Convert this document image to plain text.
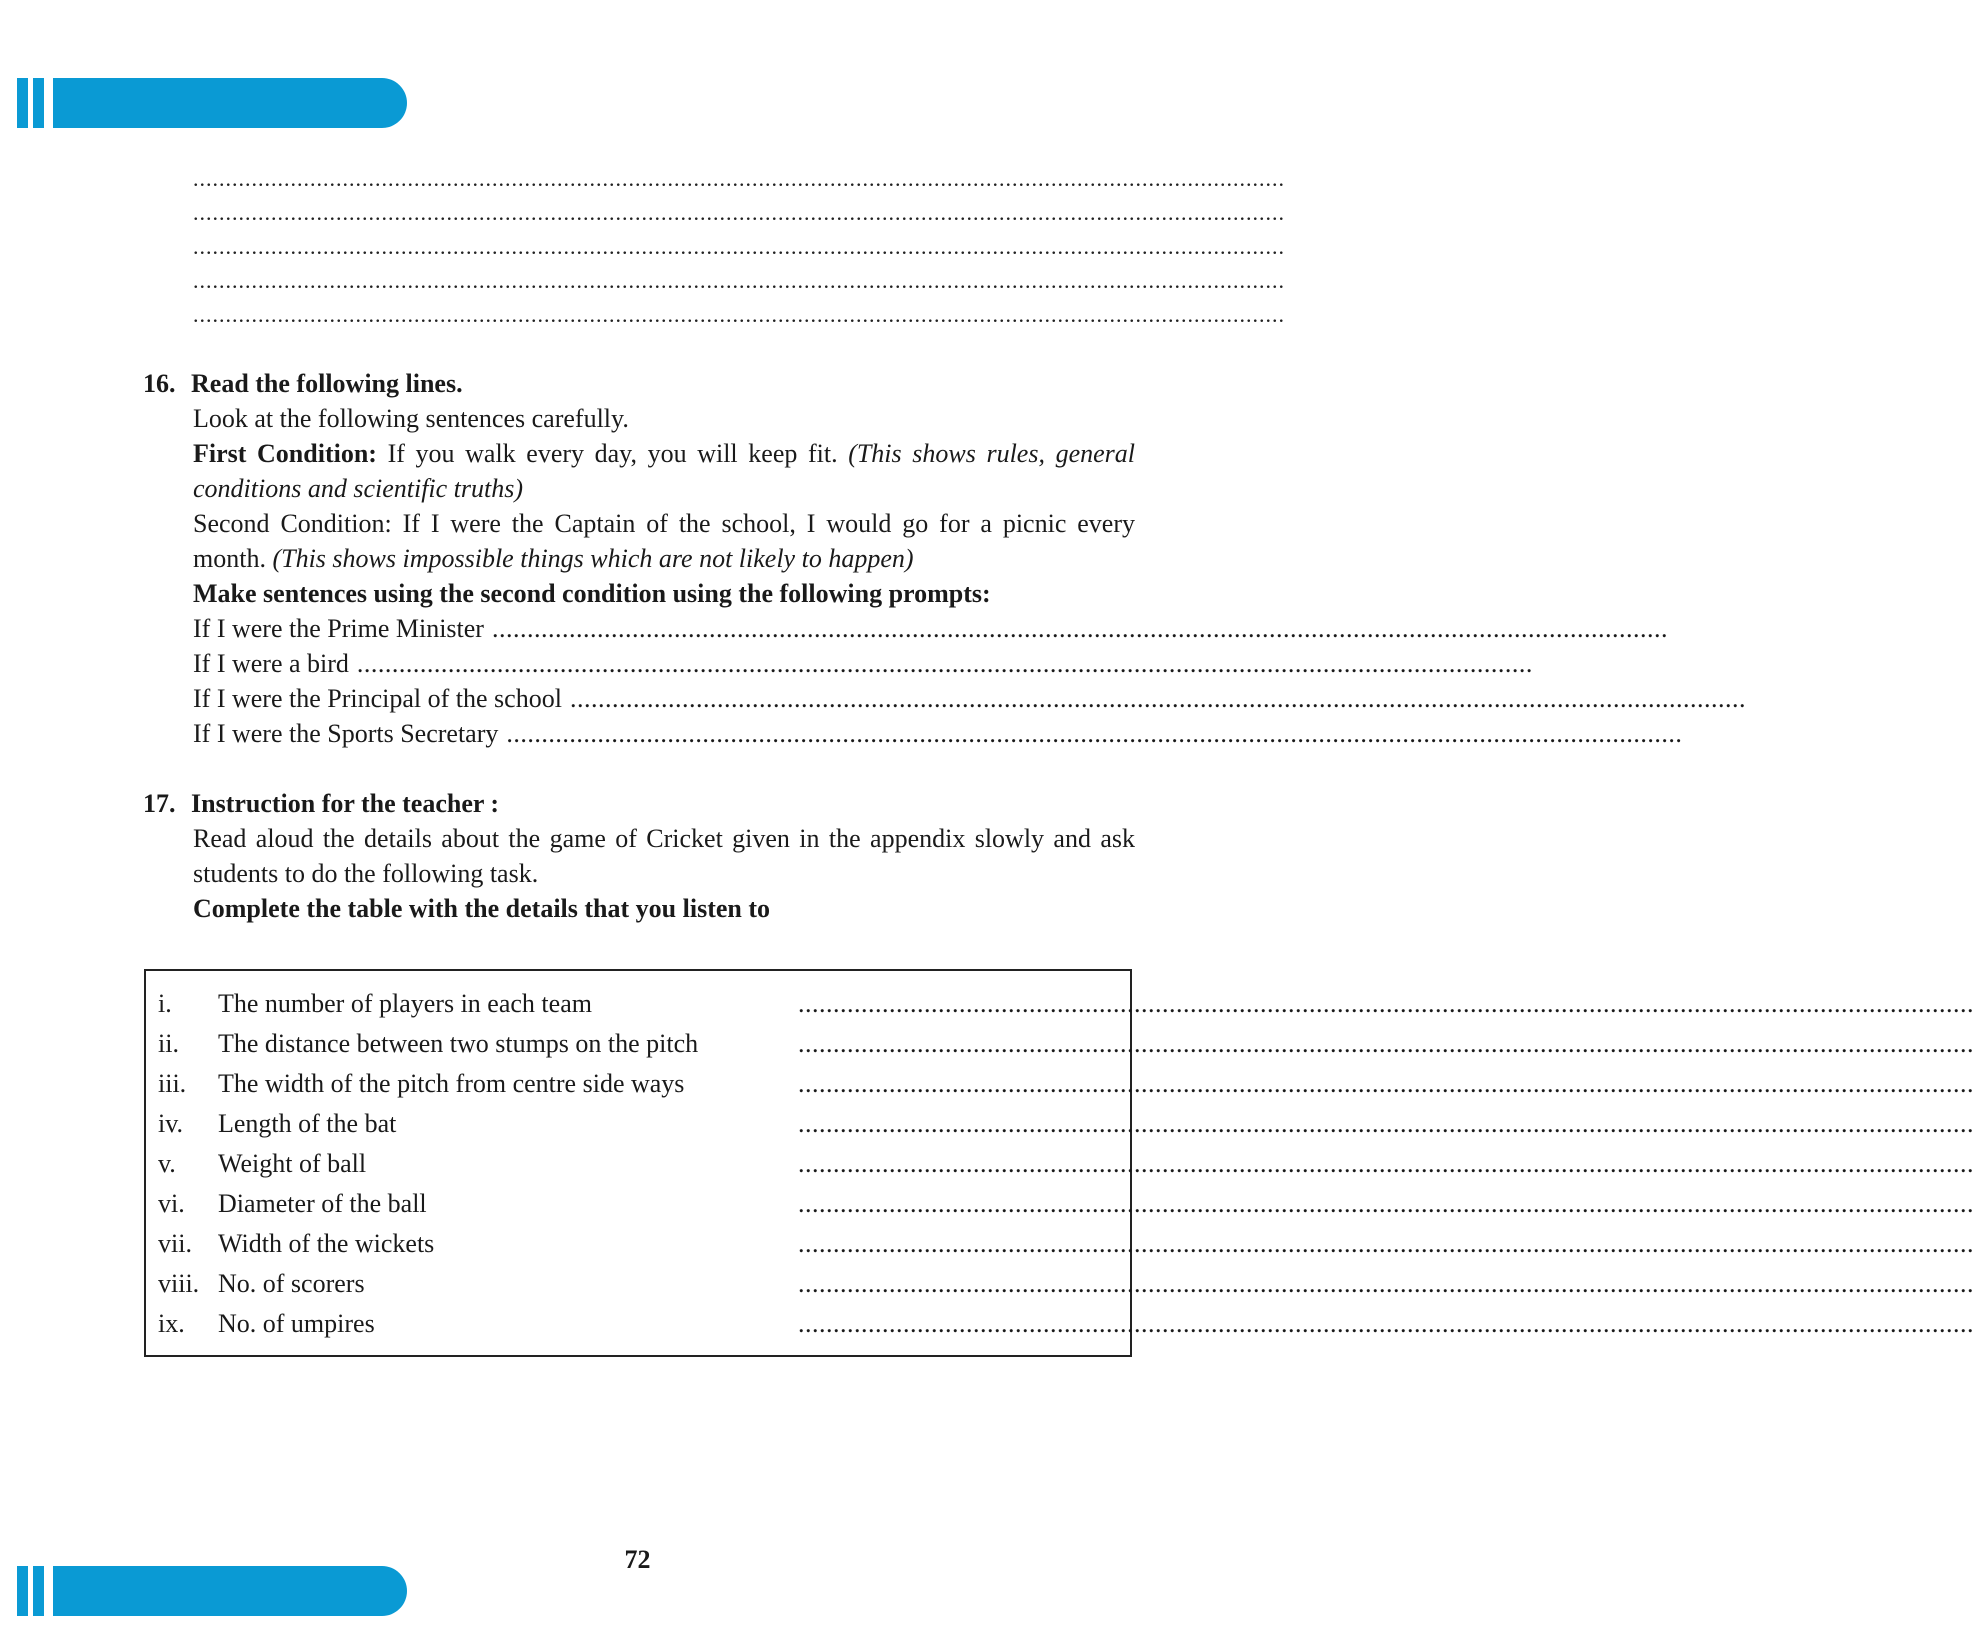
........................................................................................................................................................................
........................................................................................................................................................................
........................................................................................................................................................................
........................................................................................................................................................................
........................................................................................................................................................................
16. Read the following lines.
Look at the following sentences carefully.
First Condition: If you walk every day, you will keep fit. (This shows rules, general conditions and scientific truths)
Second Condition: If I were the Captain of the school, I would go for a picnic every month. (This shows impossible things which are not likely to happen)
Make sentences using the second condition using the following prompts:
If I were the Prime Minister ........................................................................................................................................................................
If I were a bird ........................................................................................................................................................................
If I were the Principal of the school ........................................................................................................................................................................
If I were the Sports Secretary ........................................................................................................................................................................
17. Instruction for the teacher :
Read aloud the details about the game of Cricket given in the appendix slowly and ask students to do the following task.
Complete the table with the details that you listen to
i.	The number of players in each team	........................................................................................................................................................................
ii.	The distance between two stumps on the pitch	........................................................................................................................................................................
iii.	The width of the pitch from centre side ways	........................................................................................................................................................................
iv.	Length of the bat	........................................................................................................................................................................
v.	Weight of ball	........................................................................................................................................................................
vi.	Diameter of the ball	........................................................................................................................................................................
vii.	Width of the wickets	........................................................................................................................................................................
viii. No. of scorers	........................................................................................................................................................................
ix.	No. of umpires	........................................................................................................................................................................
72
